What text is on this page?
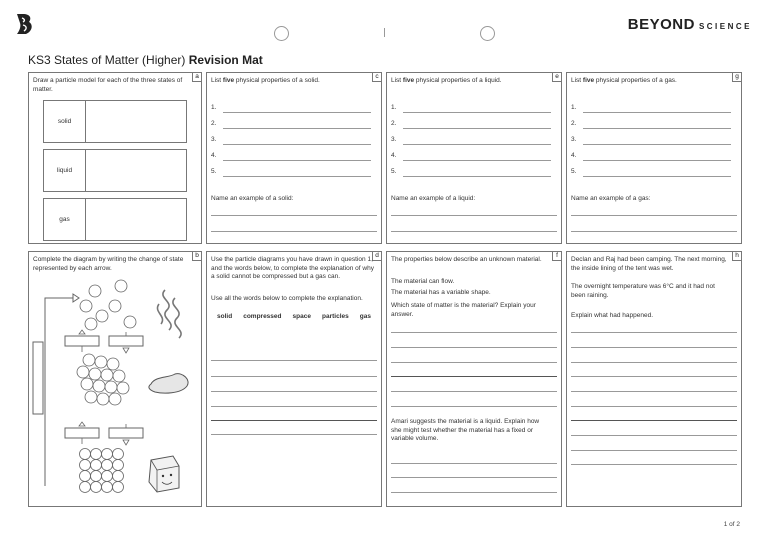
BEYOND SCIENCE
KS3 States of Matter (Higher) Revision Mat
a
Draw a particle model for each of the three states of matter.
solid
liquid
gas
c
List five physical properties of a solid.
1.
2.
3.
4.
5.
Name an example of a solid:
e
List five physical properties of a liquid.
1.
2.
3.
4.
5.
Name an example of a liquid:
g
List five physical properties of a gas.
1.
2.
3.
4.
5.
Name an example of a gas:
b
Complete the diagram by writing the change of state represented by each arrow.
d
Use the particle diagrams you have drawn in question 1, and the words below, to complete the explanation of why a solid cannot be compressed but a gas can.
Use all the words below to complete the explanation.
solid compressed space particles gas
f
The properties below describe an unknown material.
The material can flow.
The material has a variable shape.
Which state of matter is the material? Explain your answer.
Amari suggests the material is a liquid. Explain how she might test whether the material has a fixed or variable volume.
h
Declan and Raj had been camping. The next morning, the inside lining of the tent was wet.
The overnight temperature was 6°C and it had not been raining.
Explain what had happened.
1 of 2
